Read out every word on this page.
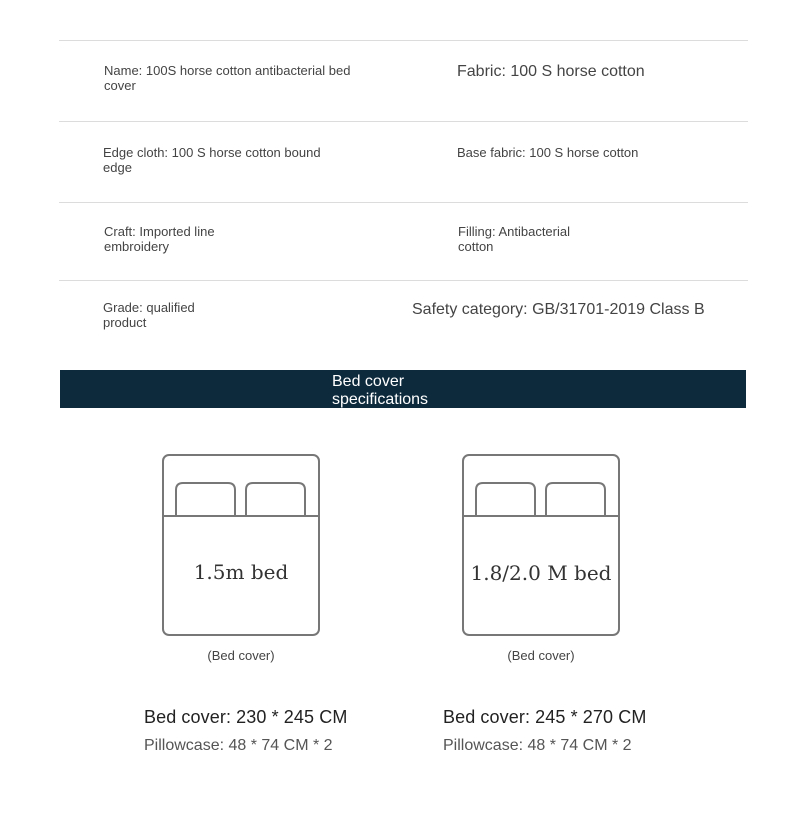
Name: 100S horse cotton antibacterial bed cover
Fabric: 100 S horse cotton
Edge cloth: 100 S horse cotton bound edge
Base fabric: 100 S horse cotton
Craft: Imported line embroidery
Filling: Antibacterial cotton
Grade: qualified product
Safety category: GB/31701-2019 Class B
Bed cover specifications
1.5m bed
(Bed cover)
1.8/2.0 M bed
(Bed cover)
Bed cover: 230 * 245 CM
Pillowcase: 48 * 74 CM * 2
Bed cover: 245 * 270 CM
Pillowcase: 48 * 74 CM * 2
